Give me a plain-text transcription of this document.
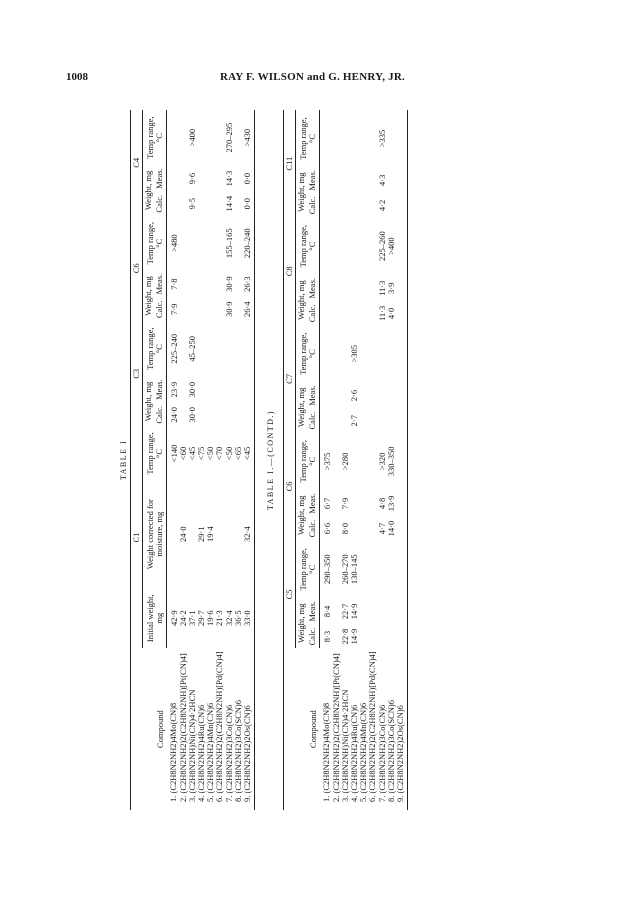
1008	RAY F. WILSON and G. HENRY, JR.
TABLE I
Compound	C1			C3			C6			C4		
	Initial weight, mg	Weight corrected for moisture, mg	Temp range, °C	Weight, mg		Temp range, °C	Weight, mg		Temp range, °C	Weight, mg		Temp range, °C
				Calc.	Meas.		Calc.	Meas.		Calc.	Meas.	
1. (C2H8N2NH2)4Mo(CN)8	42·9		<140	24·0	23·9	225–240	7·9	7·8	>480			
2. (C2H8N2NH2)2(C2H8N2NH)[Pt(CN)4]	24·2	24·0	<60									
3. (C2H8N2NH)Ni(CN)4·2HCN	37·1		<45	30·0	30·0	45–250				9·5	9·6	>400
4. (C2H8N2NH2)4Ru(CN)6	29·7	29·1	<75									
5. (C2H8N2NH2)4Mn(CN)6	19·6	19·4	<50									
6. (C2H8N2NH2)2(C2H8N2NH)[Pd(CN)4]	21·3		<70									
7. (C2H8N2NH2)3Co(CN)6	32·4		<50				30·9	30·9	155–165	14·4	14·3	270–295
8. (C2H8N2NH2)3Co(SCN)6	36·5		<65									
9. (C2H8N2NH2)2Os(CN)6	33·0	32·4	<45				26·4	26·3	220–240	0·0	0·0	>430
TABLE I.—(CONTD.)
Compound	C5			C6			C7			C8			C11		
	Weight, mg		Temp range, °C	Weight, mg		Temp range, °C	Weight, mg		Temp range, °C	Weight, mg		Temp range, °C	Weight, mg		Temp range, °C
	Calc.	Meas.		Calc.	Meas.		Calc.	Meas.		Calc.	Meas.		Calc.	Meas.	
1. (C2H8N2NH2)4Mo(CN)8	8·3	8·4	290–350	6·6	6·7	>375									
2. (C2H8N2NH2)2(C2H8N2NH)[Pt(CN)4]															
3. (C2H8N2NH)Ni(CN)4·2HCN	22·8	22·7	260–270	8·0	7·9	>280									
4. (C2H8N2NH2)4Ru(CN)6	14·9	14·9	130–145				2·7	2·6	>305						
5. (C2H8N2NH2)4Mn(CN)6															
6. (C2H8N2NH2)2(C2H8N2NH)[Pd(CN)4]															
7. (C2H8N2NH2)3Co(CN)6				4·7	4·8	>320				11·3	11·3	225–260	4·2	4·3	>335
8. (C2H8N2NH2)3Co(SCN)6				14·0	13·9	330–350				4·0	3·9	>400			
9. (C2H8N2NH2)2Os(CN)6															
